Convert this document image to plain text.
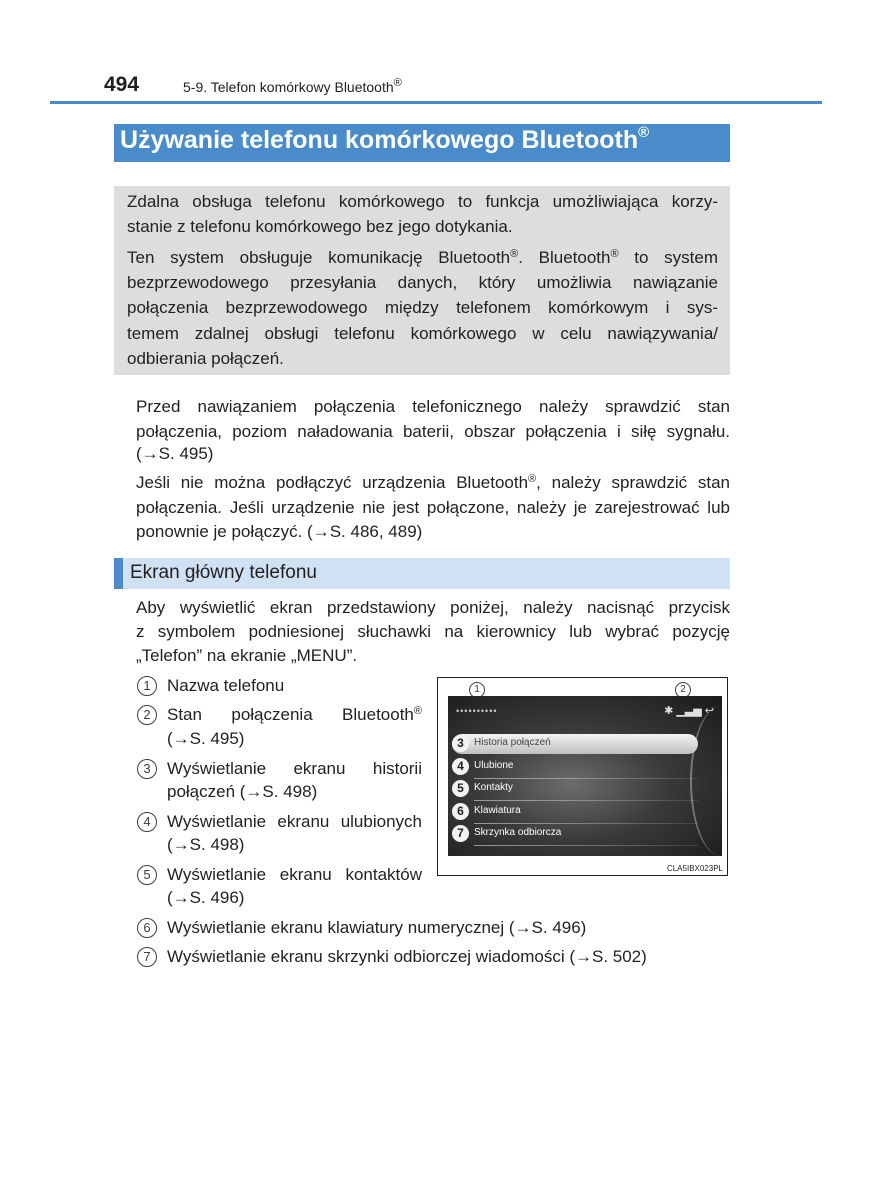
494	5-9. Telefon komórkowy Bluetooth®
Używanie telefonu komórkowego Bluetooth®
Zdalna obsługa telefonu komórkowego to funkcja umożliwiająca korzy-
stanie z telefonu komórkowego bez jego dotykania.
Ten system obsługuje komunikację Bluetooth®. Bluetooth® to system
bezprzewodowego przesyłania danych, który umożliwia nawiązanie
połączenia bezprzewodowego między telefonem komórkowym i sys-
temem zdalnej obsługi telefonu komórkowego w celu nawiązywania/
odbierania połączeń.
Przed nawiązaniem połączenia telefonicznego należy sprawdzić stan
połączenia, poziom naładowania baterii, obszar połączenia i siłę sygnału.
(→S. 495)
Jeśli nie można podłączyć urządzenia Bluetooth®, należy sprawdzić stan
połączenia. Jeśli urządzenie nie jest połączone, należy je zarejestrować lub
ponownie je połączyć. (→S. 486, 489)
Ekran główny telefonu
Aby wyświetlić ekran przedstawiony poniżej, należy nacisnąć przycisk
z symbolem podniesionej słuchawki na kierownicy lub wybrać pozycję
„Telefon” na ekranie „MENU”.
1 Nazwa telefonu
2 Stan połączenia Bluetooth®
(→S. 495)
3 Wyświetlanie ekranu historii
połączeń (→S. 498)
4 Wyświetlanie ekranu ulubionych
(→S. 498)
5 Wyświetlanie ekranu kontaktów
(→S. 496)
6 Wyświetlanie ekranu klawiatury numerycznej (→S. 496)
7 Wyświetlanie ekranu skrzynki odbiorczej wiadomości (→S. 502)
1	2
••••••••••	✱ ▁▃▅ ↩
3	Historia połączeń
4	Ulubione
5	Kontakty
6	Klawiatura
7	Skrzynka odbiorcza
CLA5IBX023PL
